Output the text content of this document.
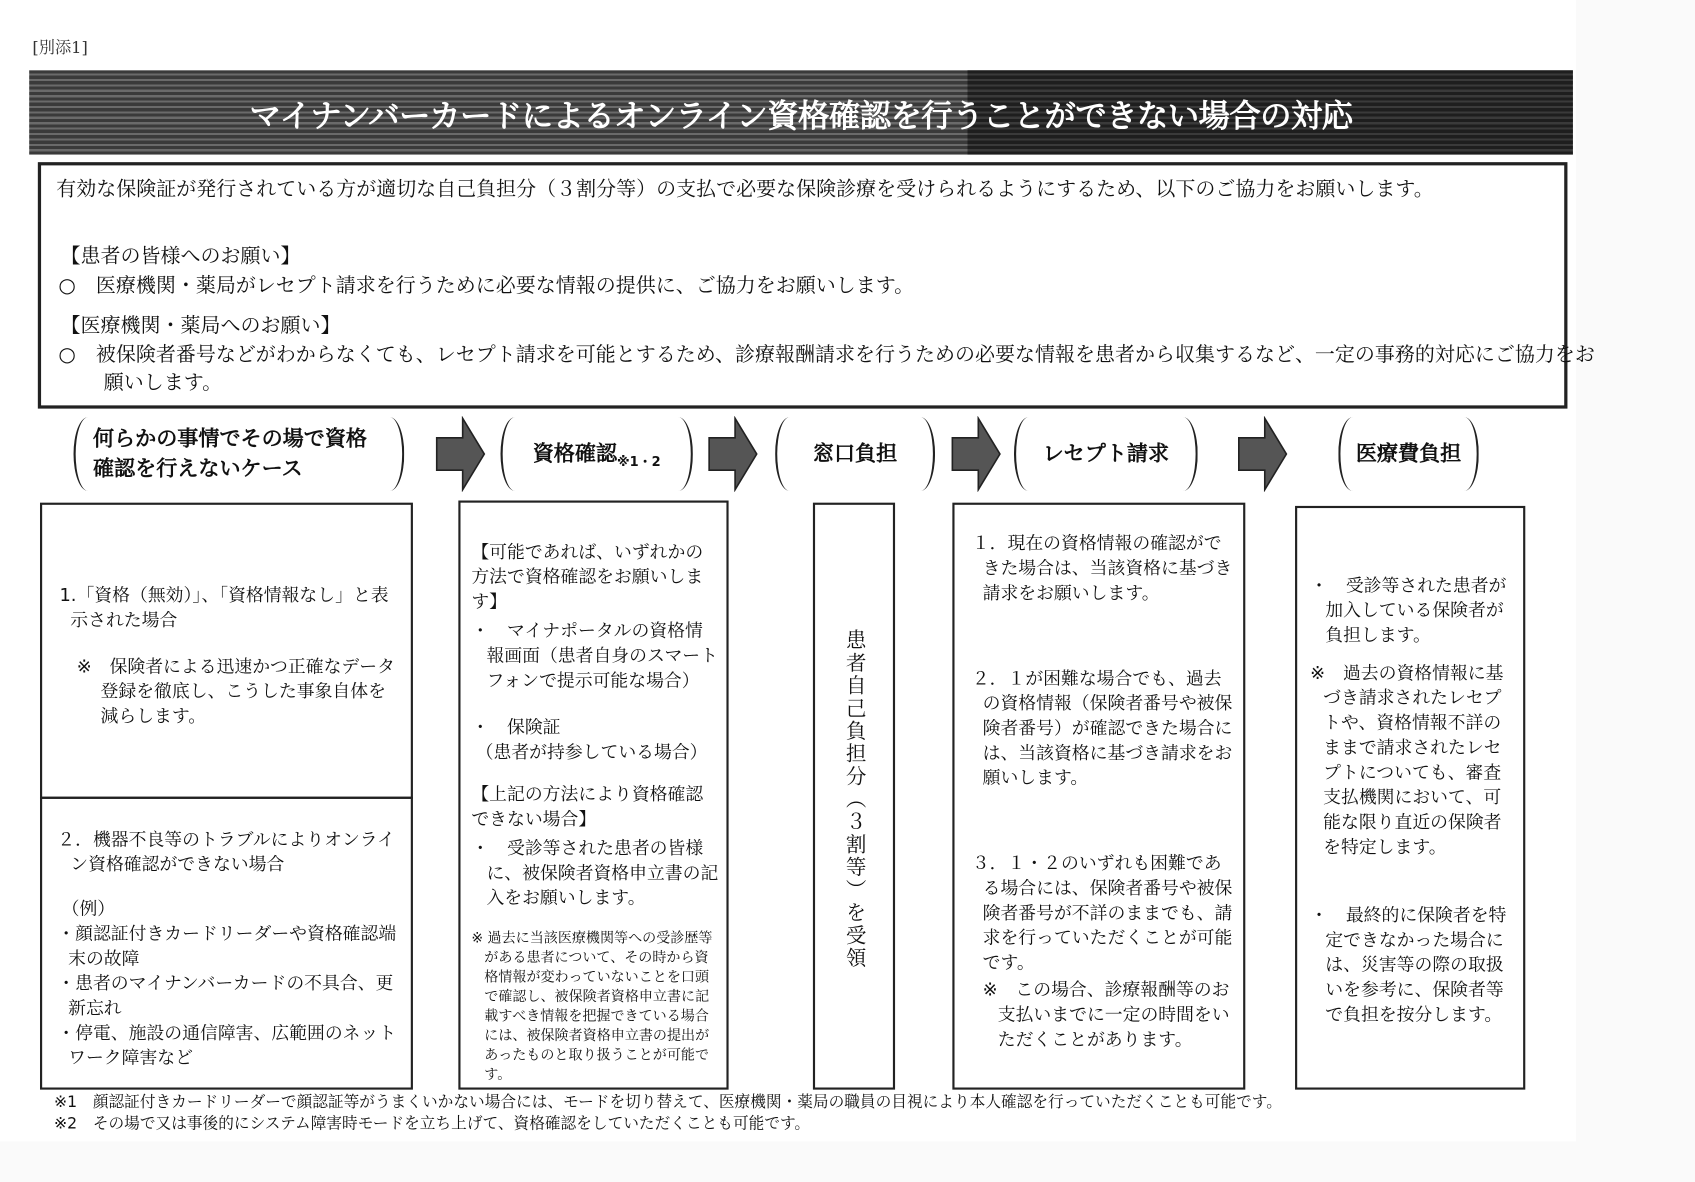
[別添1]
マイナンバーカードによるオンライン資格確認を行うことができない場合の対応

有効な保険証が発行されている方が適切な自己負担分（３割分等）の支払で必要な保険診療を受けられるようにするため、以下のご協力をお願いします。

【患者の皆様へのお願い】

○　医療機関・薬局がレセプト請求を行うために必要な情報の提供に、ご協力をお願いします。

【医療機関・薬局へのお願い】

○　被保険者番号などがわからなくても、レセプト請求を可能とするため、診療報酬請求を行うための必要な情報を患者から収集するなど、一定の事務的対応にご協力をお願いします。

何らかの事情でその場で資格確認を行えないケース
資格確認 ※1・2	窓口負担	レセプト請求	医療費負担

1.「資格（無効）」、「資格情報なし」と表示された場合

※　保険者による迅速かつ正確なデータ登録を徹底し、こうした事象自体を減らします。

２．機器不良等のトラブルによりオンライン資格確認ができない場合

（例）

・顔認証付きカードリーダーや資格確認端末の故障

・患者のマイナンバーカードの不具合、更新忘れ

・停電、施設の通信障害、広範囲のネットワーク障害など

【可能であれば、いずれかの方法で資格確認をお願いします】

・　マイナポータルの資格情報画面（患者自身のスマートフォンで提示可能な場合）

・　保険証

（患者が持参している場合）

【上記の方法により資格確認できない場合】

・　受診等された患者の皆様に、被保険者資格申立書の記入をお願いします。

※ 過去に当該医療機関等への受診歴等がある患者について、その時から資格情報が変わっていないことを口頭で確認し、被保険者資格申立書に記載すべき情報を把握できている場合には、被保険者資格申立書の提出があったものと取り扱うことが可能です。

患者自己負担分（３割等）を受領

１．現在の資格情報の確認ができた場合は、当該資格に基づき請求をお願いします。

２．１が困難な場合でも、過去の資格情報（保険者番号や被保険者番号）が確認できた場合には、当該資格に基づき請求をお願いします。

３．１・２のいずれも困難である場合には、保険者番号や被保険者番号が不詳のままでも、請求を行っていただくことが可能です。

※　この場合、診療報酬等のお支払いまでに一定の時間をいただくことがあります。

・　受診等された患者が加入している保険者が負担します。

※　過去の資格情報に基づき請求されたレセプトや、資格情報不詳のままで請求されたレセプトについても、審査支払機関において、可能な限り直近の保険者を特定します。

・　最終的に保険者を特定できなかった場合には、災害等の際の取扱いを参考に、保険者等で負担を按分します。

※1　顔認証付きカードリーダーで顔認証等がうまくいかない場合には、モードを切り替えて、医療機関・薬局の職員の目視により本人確認を行っていただくことも可能です。
※2　その場で又は事後的にシステム障害時モードを立ち上げて、資格確認をしていただくことも可能です。
